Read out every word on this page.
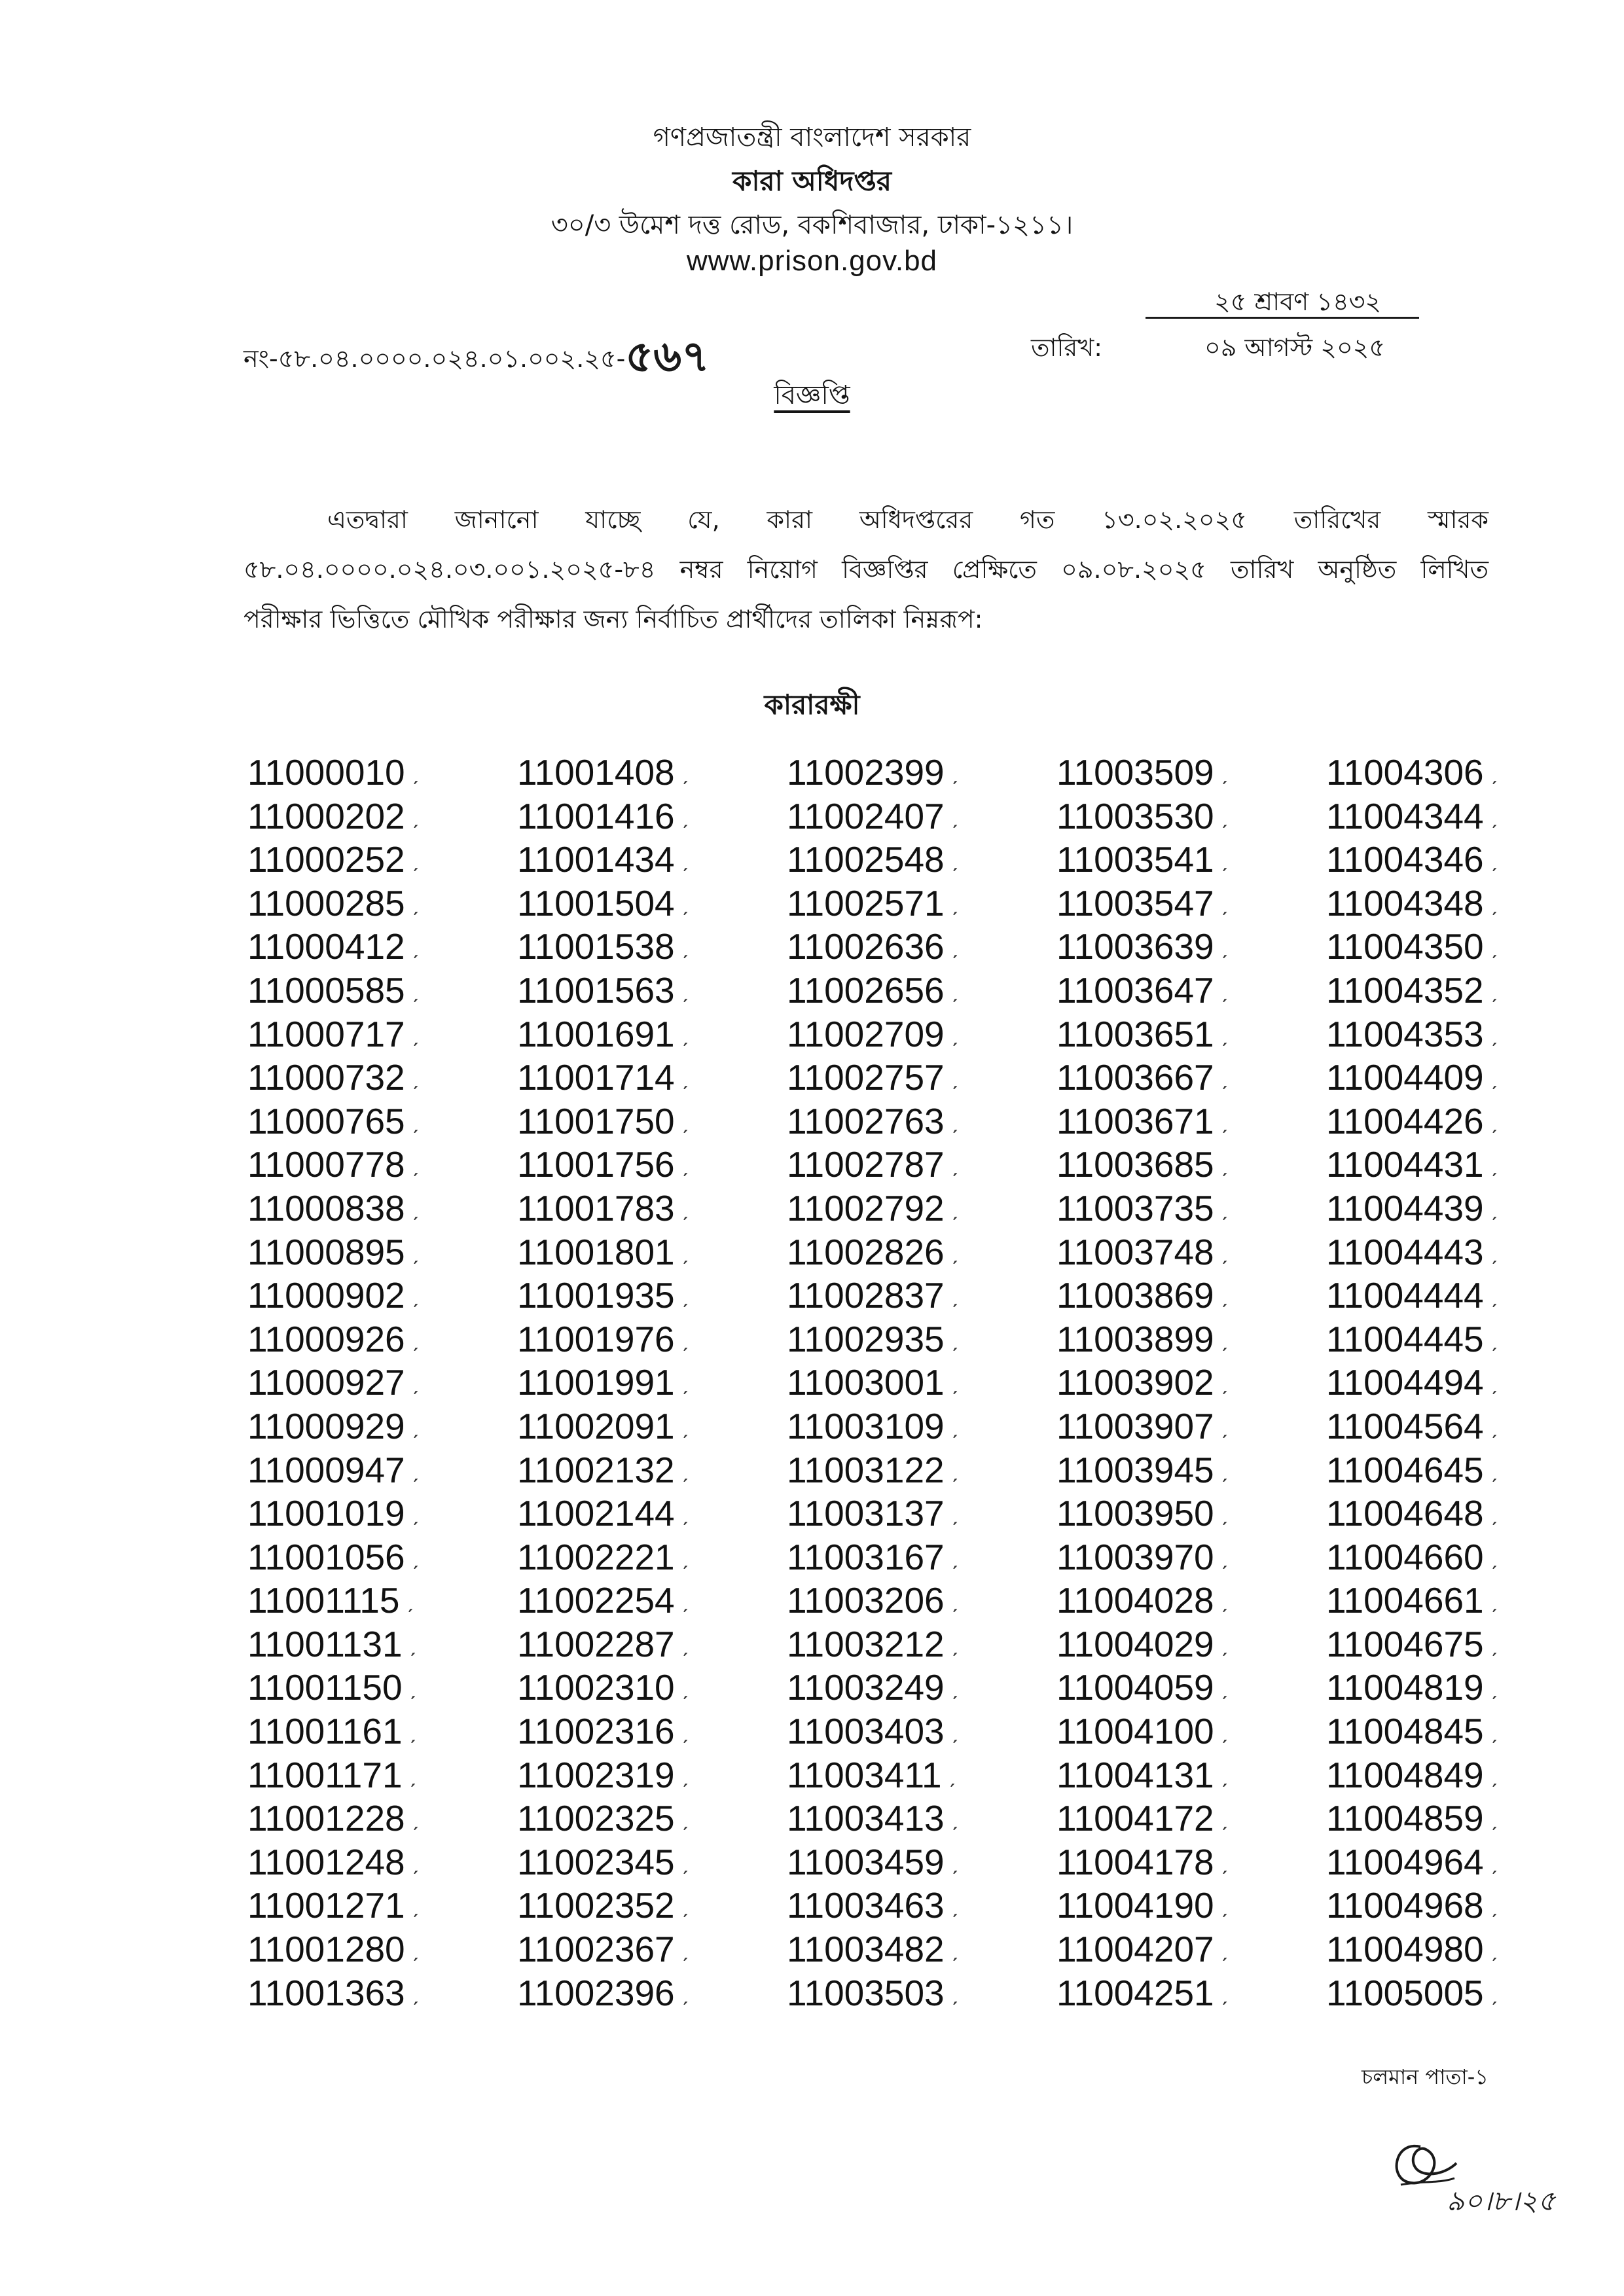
গণপ্রজাতন্ত্রী বাংলাদেশ সরকার
কারা অধিদপ্তর
৩০/৩ উমেশ দত্ত রোড, বকশিবাজার, ঢাকা-১২১১।
www.prison.gov.bd
নং-৫৮.০৪.০০০০.০২৪.০১.০০২.২৫-৫৬৭
২৫ শ্রাবণ ১৪৩২
তারিখ:	০৯ আগস্ট ২০২৫
বিজ্ঞপ্তি
এতদ্বারা জানানো যাচ্ছে যে, কারা অধিদপ্তরের গত ১৩.০২.২০২৫ তারিখের স্মারক
৫৮.০৪.০০০০.০২৪.০৩.০০১.২০২৫-৮৪ নম্বর নিয়োগ বিজ্ঞপ্তির প্রেক্ষিতে ০৯.০৮.২০২৫ তারিখ অনুষ্ঠিত লিখিত
পরীক্ষার ভিত্তিতে মৌখিক পরীক্ষার জন্য নির্বাচিত প্রার্থীদের তালিকা নিম্নরূপ:
কারারক্ষী
11000010 ˏ	11001408 ˏ	11002399 ˏ	11003509 ˏ	11004306 ˏ
11000202 ˏ	11001416 ˏ	11002407 ˏ	11003530 ˏ	11004344 ˏ
11000252 ˏ	11001434 ˏ	11002548 ˏ	11003541 ˏ	11004346 ˏ
11000285 ˏ	11001504 ˏ	11002571 ˏ	11003547 ˏ	11004348 ˏ
11000412 ˏ	11001538 ˏ	11002636 ˏ	11003639 ˏ	11004350 ˏ
11000585 ˏ	11001563 ˏ	11002656 ˏ	11003647 ˏ	11004352 ˏ
11000717 ˏ	11001691 ˏ	11002709 ˏ	11003651 ˏ	11004353 ˏ
11000732 ˏ	11001714 ˏ	11002757 ˏ	11003667 ˏ	11004409 ˏ
11000765 ˏ	11001750 ˏ	11002763 ˏ	11003671 ˏ	11004426 ˏ
11000778 ˏ	11001756 ˏ	11002787 ˏ	11003685 ˏ	11004431 ˏ
11000838 ˏ	11001783 ˏ	11002792 ˏ	11003735 ˏ	11004439 ˏ
11000895 ˏ	11001801 ˏ	11002826 ˏ	11003748 ˏ	11004443 ˏ
11000902 ˏ	11001935 ˏ	11002837 ˏ	11003869 ˏ	11004444 ˏ
11000926 ˏ	11001976 ˏ	11002935 ˏ	11003899 ˏ	11004445 ˏ
11000927 ˏ	11001991 ˏ	11003001 ˏ	11003902 ˏ	11004494 ˏ
11000929 ˏ	11002091 ˏ	11003109 ˏ	11003907 ˏ	11004564 ˏ
11000947 ˏ	11002132 ˏ	11003122 ˏ	11003945 ˏ	11004645 ˏ
11001019 ˏ	11002144 ˏ	11003137 ˏ	11003950 ˏ	11004648 ˏ
11001056 ˏ	11002221 ˏ	11003167 ˏ	11003970 ˏ	11004660 ˏ
11001115 ˏ	11002254 ˏ	11003206 ˏ	11004028 ˏ	11004661 ˏ
11001131 ˏ	11002287 ˏ	11003212 ˏ	11004029 ˏ	11004675 ˏ
11001150 ˏ	11002310 ˏ	11003249 ˏ	11004059 ˏ	11004819 ˏ
11001161 ˏ	11002316 ˏ	11003403 ˏ	11004100 ˏ	11004845 ˏ
11001171 ˏ	11002319 ˏ	11003411 ˏ	11004131 ˏ	11004849 ˏ
11001228 ˏ	11002325 ˏ	11003413 ˏ	11004172 ˏ	11004859 ˏ
11001248 ˏ	11002345 ˏ	11003459 ˏ	11004178 ˏ	11004964 ˏ
11001271 ˏ	11002352 ˏ	11003463 ˏ	11004190 ˏ	11004968 ˏ
11001280 ˏ	11002367 ˏ	11003482 ˏ	11004207 ˏ	11004980 ˏ
11001363 ˏ	11002396 ˏ	11003503 ˏ	11004251 ˏ	11005005 ˏ
চলমান পাতা-১
৯০।৮।২৫
